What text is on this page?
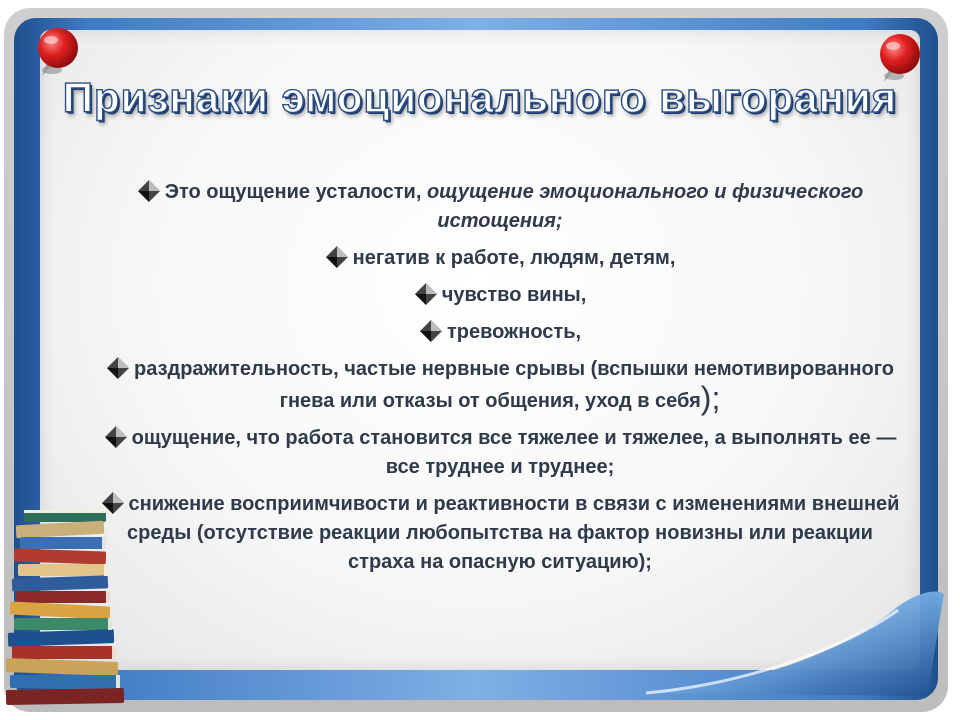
Признаки эмоционального выгорания
Это ощущение усталости, ощущение эмоционального и физического истощения;
негатив к работе, людям, детям,
чувство вины,
тревожность,
раздражительность, частые нервные срывы (вспышки немотивированного гнева или отказы от общения, уход в себя);
ощущение, что работа становится все тяжелее и тяжелее, а выполнять ее — все труднее и труднее;
снижение восприимчивости и реактивности в связи с изменениями внешней среды (отсутствие реакции любопытства на фактор новизны или реакции страха на опасную ситуацию);
